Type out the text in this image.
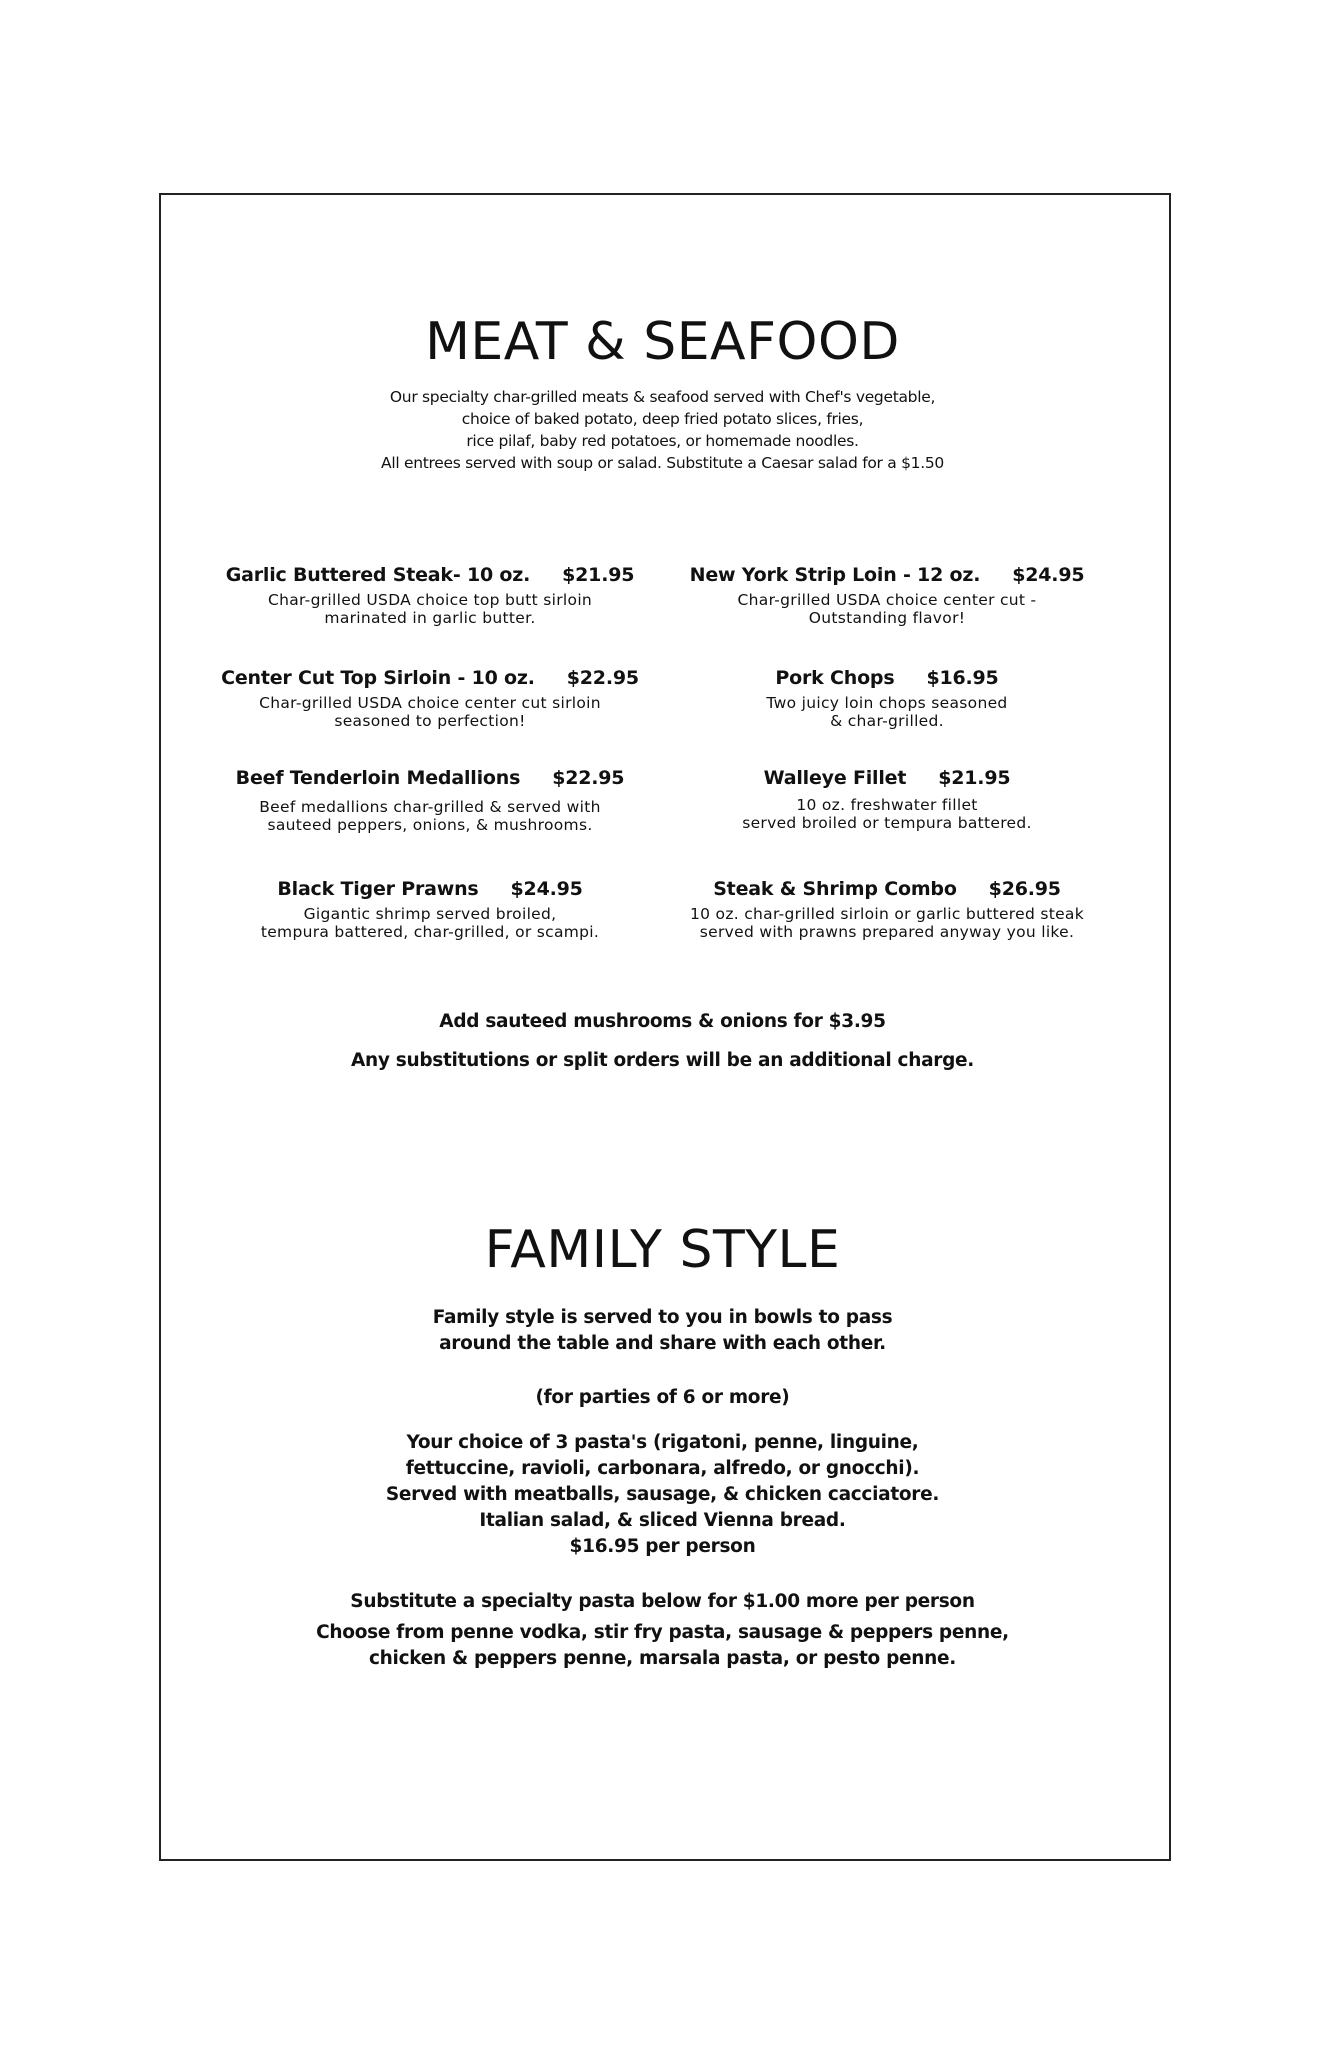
MEAT & SEAFOOD
Our specialty char-grilled meats & seafood served with Chef's vegetable,
choice of baked potato, deep fried potato slices, fries,
rice pilaf, baby red potatoes, or homemade noodles.
All entrees served with soup or salad. Substitute a Caesar salad for a $1.50
Garlic Buttered Steak- 10 oz. $21.95
Char-grilled USDA choice top butt sirloin
marinated in garlic butter.
New York Strip Loin - 12 oz. $24.95
Char-grilled USDA choice center cut -
Outstanding flavor!
Center Cut Top Sirloin - 10 oz. $22.95
Char-grilled USDA choice center cut sirloin
seasoned to perfection!
Pork Chops $16.95
Two juicy loin chops seasoned
& char-grilled.
Beef Tenderloin Medallions $22.95
Beef medallions char-grilled & served with
sauteed peppers, onions, & mushrooms.
Walleye Fillet $21.95
10 oz. freshwater fillet
served broiled or tempura battered.
Black Tiger Prawns $24.95
Gigantic shrimp served broiled,
tempura battered, char-grilled, or scampi.
Steak & Shrimp Combo $26.95
10 oz. char-grilled sirloin or garlic buttered steak
served with prawns prepared anyway you like.
Add sauteed mushrooms & onions for $3.95
Any substitutions or split orders will be an additional charge.
FAMILY STYLE
Family style is served to you in bowls to pass
around the table and share with each other.
(for parties of 6 or more)
Your choice of 3 pasta's (rigatoni, penne, linguine,
fettuccine, ravioli, carbonara, alfredo, or gnocchi).
Served with meatballs, sausage, & chicken cacciatore.
Italian salad, & sliced Vienna bread.
$16.95 per person
Substitute a specialty pasta below for $1.00 more per person
Choose from penne vodka, stir fry pasta, sausage & peppers penne,
chicken & peppers penne, marsala pasta, or pesto penne.
